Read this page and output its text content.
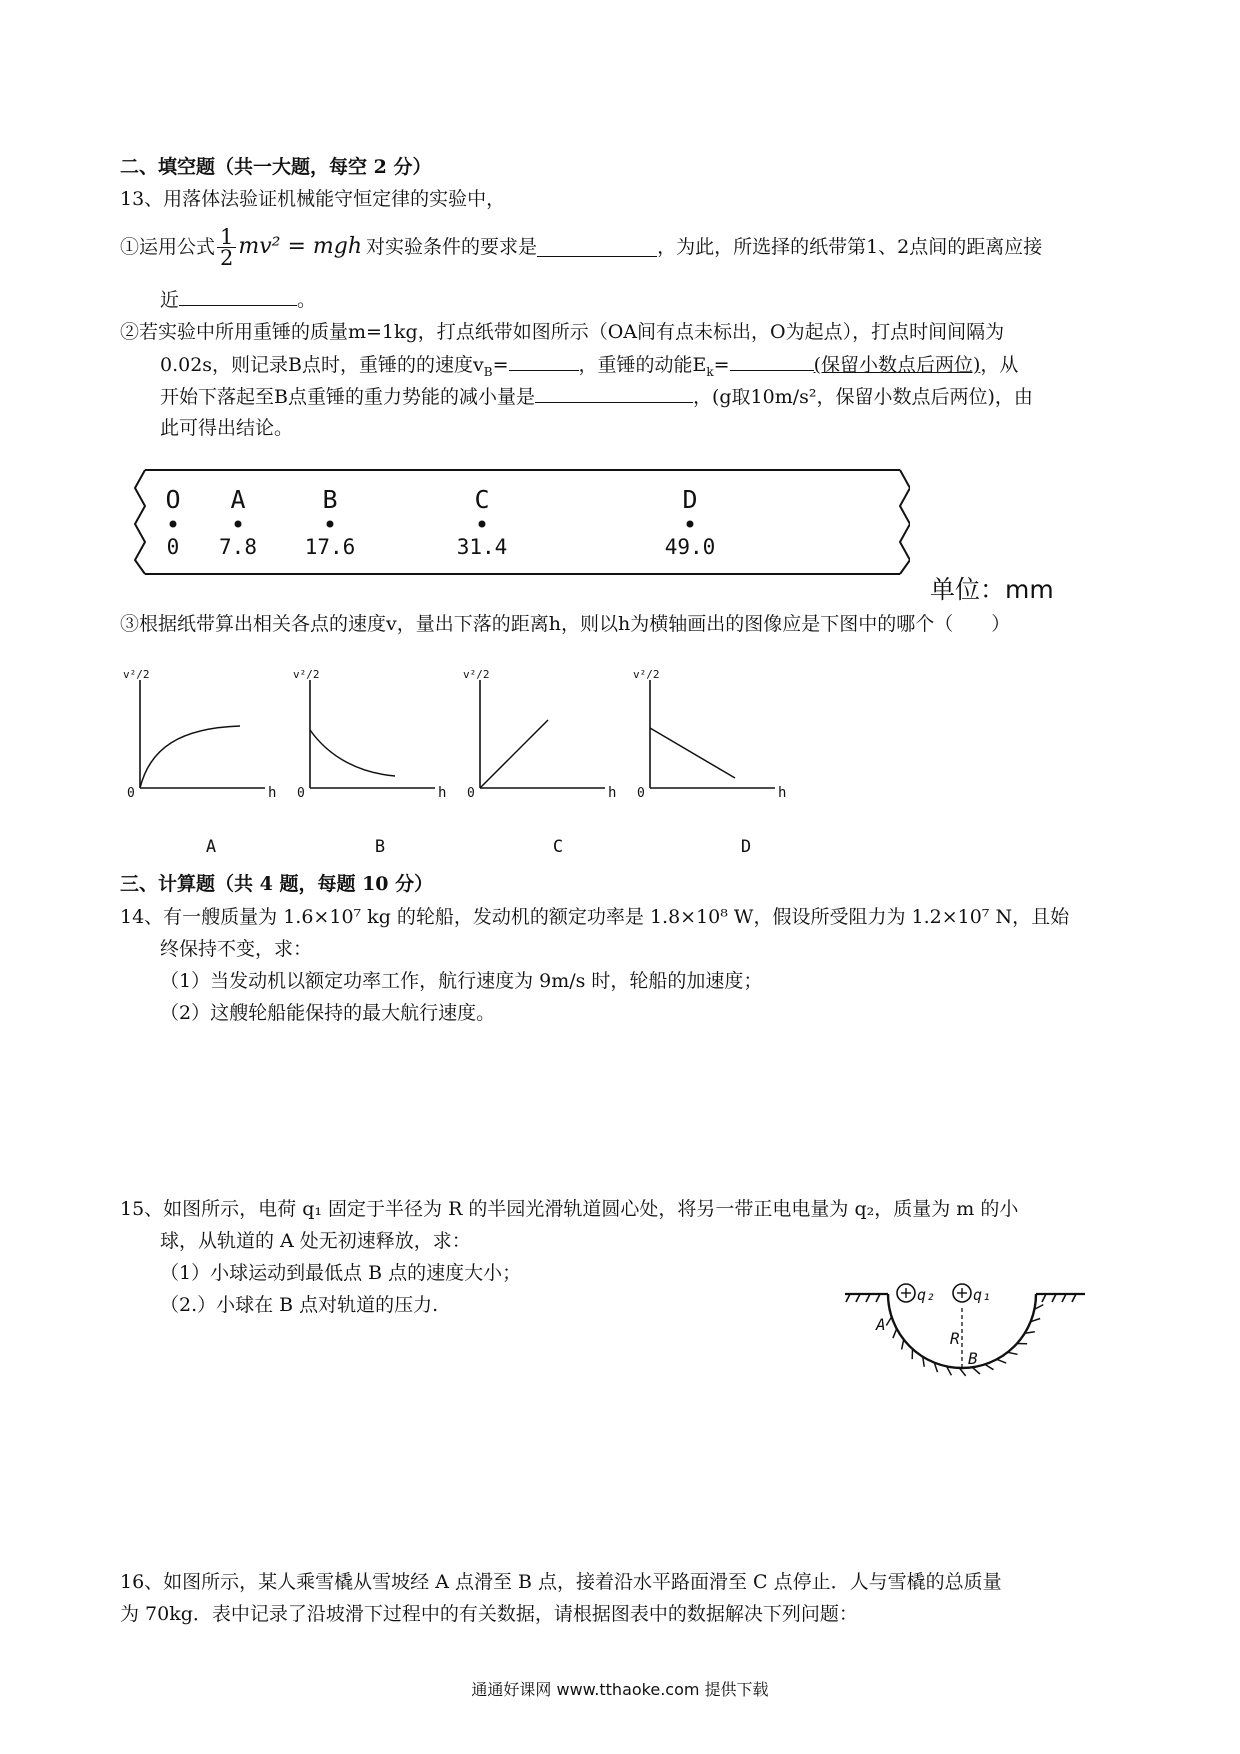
二、填空题（共一大题，每空 2 分）
13、用落体法验证机械能守恒定律的实验中，
①运用公式 $\frac{1}{2} mv^2$ = mgh 对实验条件的要求是	，为此，所选择的纸带第1、2点间的距离应接
近	。
②若实验中所用重锤的质量m=1kg，打点纸带如图所示（OA间有点未标出，O为起点），打点时间间隔为
0.02s，则记录B点时，重锤的的速度$v_B=$	，重锤的动能$E_k=$	(保留小数点后两位)，从
开始下落起至B点重锤的重力势能的减小量是	，(g取10m/s²，保留小数点后两位)，由
此可得出结论。
O
0
A
7.8
B
17.6
C
31.4
D
49.0
单位：mm
③根据纸带算出相关各点的速度v，量出下落的距离h，则以h为横轴画出的图像应是下图中的哪个（　　）
v²/2
h
0
A
v²/2
h
0
B
v²/2
h
0
C
v²/2
h
0
D
三、计算题（共 4 题，每题 10 分）
14、有一艘质量为 1.6×10⁷ kg 的轮船，发动机的额定功率是 1.8×10⁸ W，假设所受阻力为 1.2×10⁷ N，且始
终保持不变，求：
（1）当发动机以额定功率工作，航行速度为 9m/s 时，轮船的加速度；
（2）这艘轮船能保持的最大航行速度。
15、如图所示，电荷 q₁ 固定于半径为 R 的半园光滑轨道圆心处，将另一带正电电量为 q₂，质量为 m 的小
球，从轨道的 A 处无初速释放，求：
（1）小球运动到最低点 B 点的速度大小；
（2.）小球在 B 点对轨道的压力.	q₂	q₁
A
R
B
16、如图所示，某人乘雪橇从雪坡经 A 点滑至 B 点，接着沿水平路面滑至 C 点停止．人与雪橇的总质量
为 70kg．表中记录了沿坡滑下过程中的有关数据，请根据图表中的数据解决下列问题：
通通好课网 www.tthaoke.com 提供下载
